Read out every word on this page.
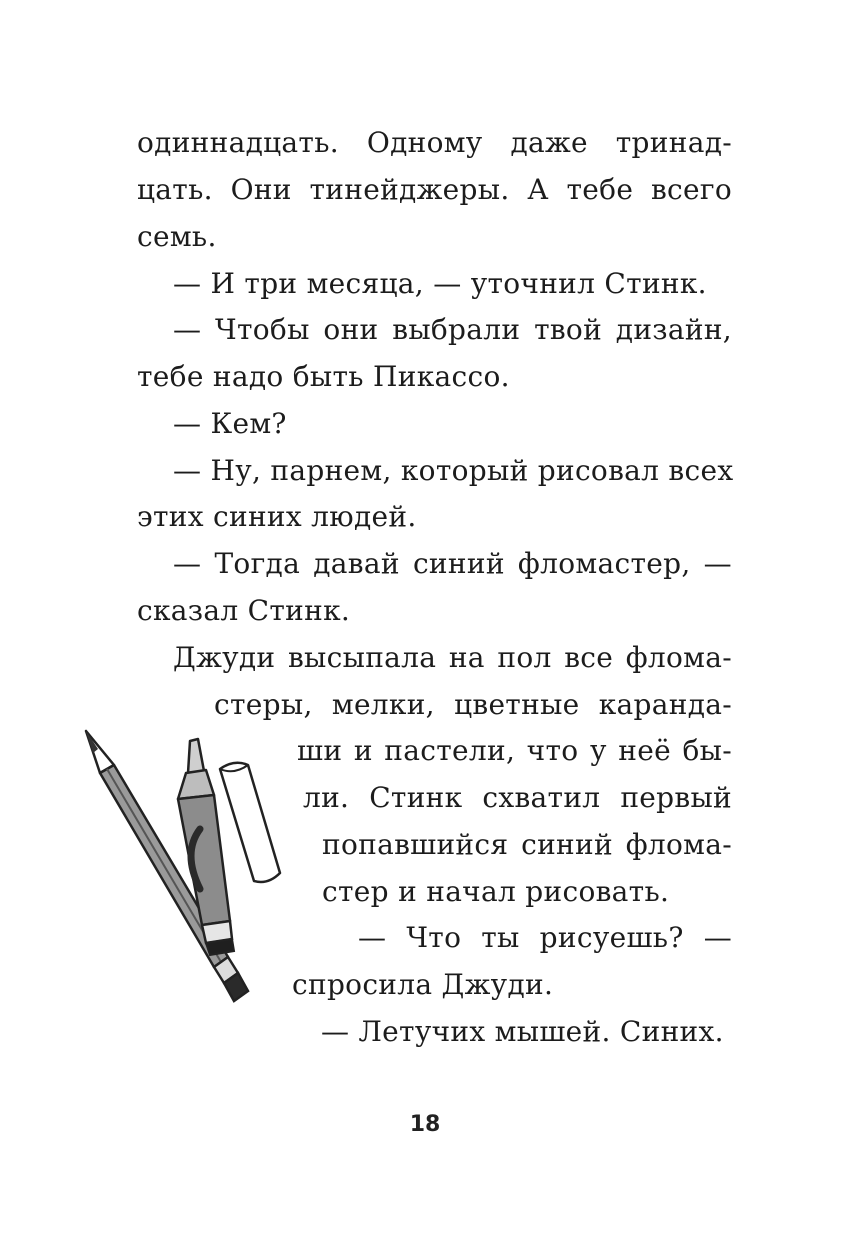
одиннадцать. Одному даже тринад-
цать. Они тинейджеры. А тебе всего
семь.
— И три месяца, — уточнил Стинк.
— Чтобы они выбрали твой дизайн,
тебе надо быть Пикассо.
— Кем?
— Ну, парнем, который рисовал всех
этих синих людей.
— Тогда давай синий фломастер, —
сказал Стинк.
Джуди высыпала на пол все флома-
стеры, мелки, цветные каранда-
ши и пастели, что у неё бы-
ли. Стинк схватил первый
попавшийся синий флома-
стер и начал рисовать.
— Что ты рисуешь? —
спросила Джуди.
— Летучих мышей. Синих.
18
